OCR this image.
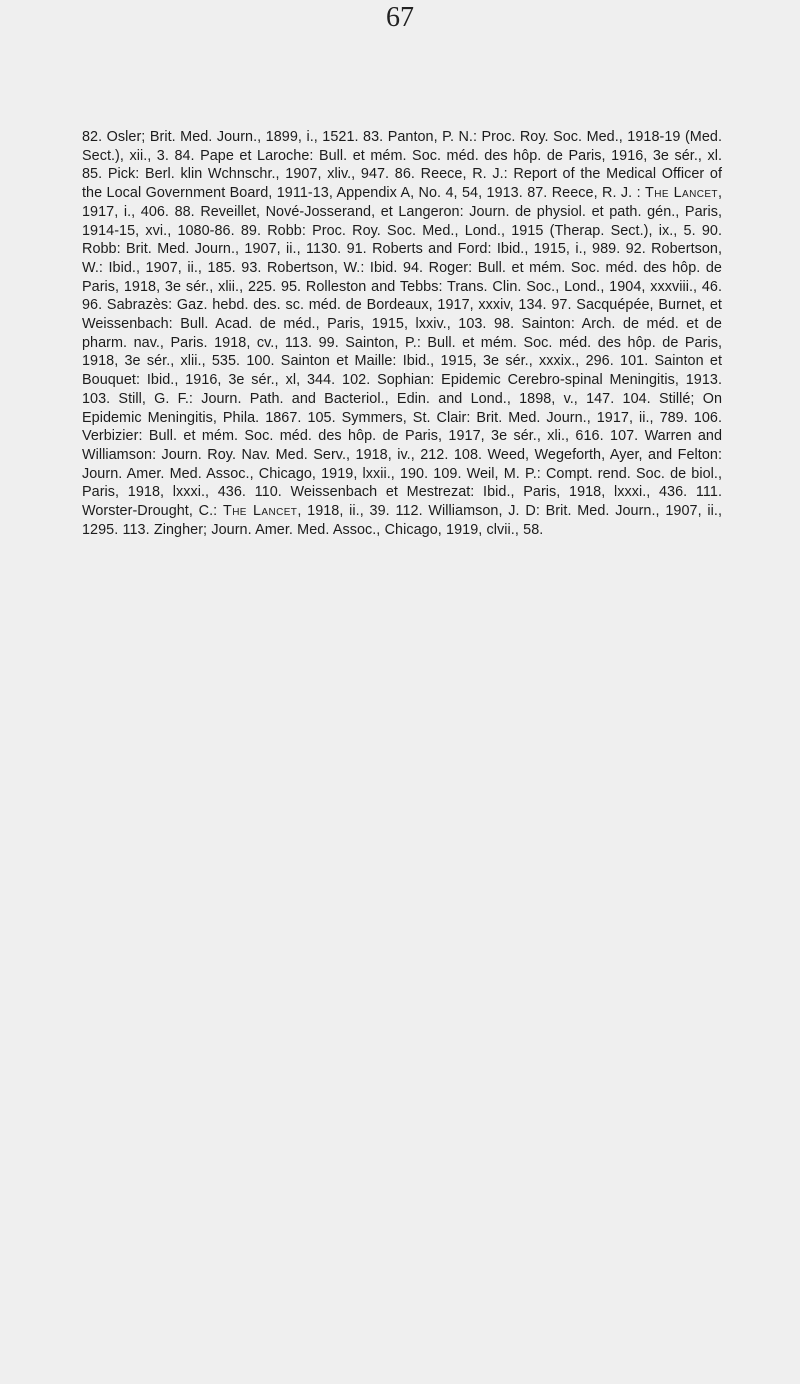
67

82. Osler; Brit. Med. Journ., 1899, i., 1521. 83. Panton, P. N.: Proc. Roy. Soc. Med., 1918-19 (Med. Sect.), xii., 3. 84. Pape et Laroche: Bull. et mém. Soc. méd. des hôp. de Paris, 1916, 3e sér., xl. 85. Pick: Berl. klin Wchnschr., 1907, xliv., 947. 86. Reece, R. J.: Report of the Medical Officer of the Local Government Board, 1911-13, Appendix A, No. 4, 54, 1913. 87. Reece, R. J. : The Lancet, 1917, i., 406. 88. Reveillet, Nové-Josserand, et Langeron: Journ. de physiol. et path. gén., Paris, 1914-15, xvi., 1080-86. 89. Robb: Proc. Roy. Soc. Med., Lond., 1915 (Therap. Sect.), ix., 5. 90. Robb: Brit. Med. Journ., 1907, ii., 1130. 91. Roberts and Ford: Ibid., 1915, i., 989. 92. Robertson, W.: Ibid., 1907, ii., 185. 93. Robertson, W.: Ibid. 94. Roger: Bull. et mém. Soc. méd. des hôp. de Paris, 1918, 3e sér., xlii., 225. 95. Rolleston and Tebbs: Trans. Clin. Soc., Lond., 1904, xxxviii., 46. 96. Sabrazès: Gaz. hebd. des. sc. méd. de Bordeaux, 1917, xxxiv, 134. 97. Sacquépée, Burnet, et Weissenbach: Bull. Acad. de méd., Paris, 1915, lxxiv., 103. 98. Sainton: Arch. de méd. et de pharm. nav., Paris. 1918, cv., 113. 99. Sainton, P.: Bull. et mém. Soc. méd. des hôp. de Paris, 1918, 3e sér., xlii., 535. 100. Sainton et Maille: Ibid., 1915, 3e sér., xxxix., 296. 101. Sainton et Bouquet: Ibid., 1916, 3e sér., xl, 344. 102. Sophian: Epidemic Cerebro-spinal Meningitis, 1913. 103. Still, G. F.: Journ. Path. and Bacteriol., Edin. and Lond., 1898, v., 147. 104. Stillé; On Epidemic Meningitis, Phila. 1867. 105. Symmers, St. Clair: Brit. Med. Journ., 1917, ii., 789. 106. Verbizier: Bull. et mém. Soc. méd. des hôp. de Paris, 1917, 3e sér., xli., 616. 107. Warren and Williamson: Journ. Roy. Nav. Med. Serv., 1918, iv., 212. 108. Weed, Wegeforth, Ayer, and Felton: Journ. Amer. Med. Assoc., Chicago, 1919, lxxii., 190. 109. Weil, M. P.: Compt. rend. Soc. de biol., Paris, 1918, lxxxi., 436. 110. Weissenbach et Mestrezat: Ibid., Paris, 1918, lxxxi., 436. 111. Worster-Drought, C.: The Lancet, 1918, ii., 39. 112. Williamson, J. D: Brit. Med. Journ., 1907, ii., 1295. 113. Zingher; Journ. Amer. Med. Assoc., Chicago, 1919, clvii., 58.
